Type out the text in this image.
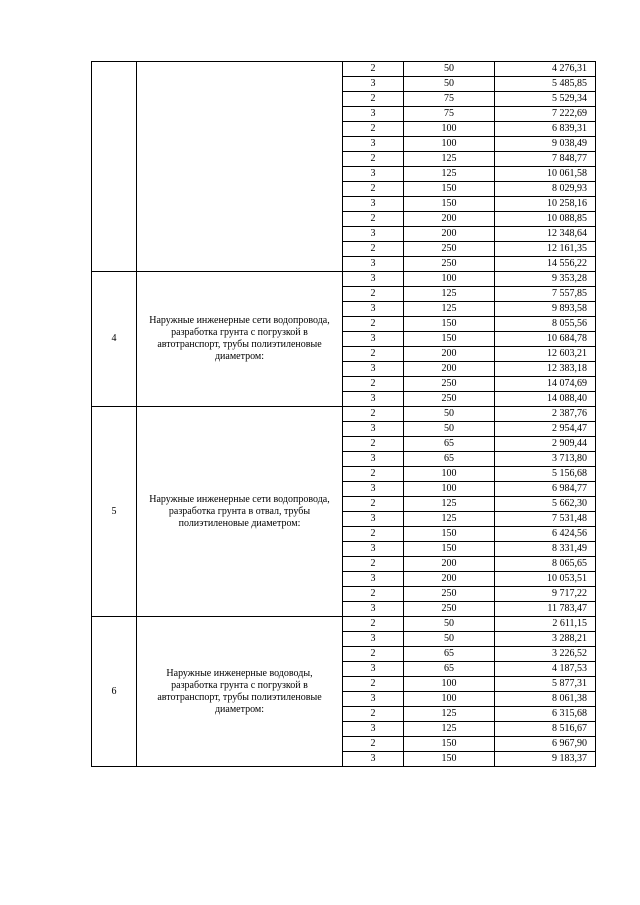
		2	50	4 276,31
		3	50	5 485,85
		2	75	5 529,34
		3	75	7 222,69
		2	100	6 839,31
		3	100	9 038,49
		2	125	7 848,77
		3	125	10 061,58
		2	150	8 029,93
		3	150	10 258,16
		2	200	10 088,85
		3	200	12 348,64
		2	250	12 161,35
		3	250	14 556,22
4	Наружные инженерные сети водопровода, разработка грунта с погрузкой в автотранспорт, трубы полиэтиленовые диаметром:	3	100	9 353,28
		2	125	7 557,85
		3	125	9 893,58
		2	150	8 055,56
		3	150	10 684,78
		2	200	12 603,21
		3	200	12 383,18
		2	250	14 074,69
		3	250	14 088,40
5	Наружные инженерные сети водопровода, разработка грунта в отвал, трубы полиэтиленовые диаметром:	2	50	2 387,76
		3	50	2 954,47
		2	65	2 909,44
		3	65	3 713,80
		2	100	5 156,68
		3	100	6 984,77
		2	125	5 662,30
		3	125	7 531,48
		2	150	6 424,56
		3	150	8 331,49
		2	200	8 065,65
		3	200	10 053,51
		2	250	9 717,22
		3	250	11 783,47
6	Наружные инженерные водоводы, разработка грунта с погрузкой в автотранспорт, трубы полиэтиленовые диаметром:	2	50	2 611,15
		3	50	3 288,21
		2	65	3 226,52
		3	65	4 187,53
		2	100	5 877,31
		3	100	8 061,38
		2	125	6 315,68
		3	125	8 516,67
		2	150	6 967,90
		3	150	9 183,37
